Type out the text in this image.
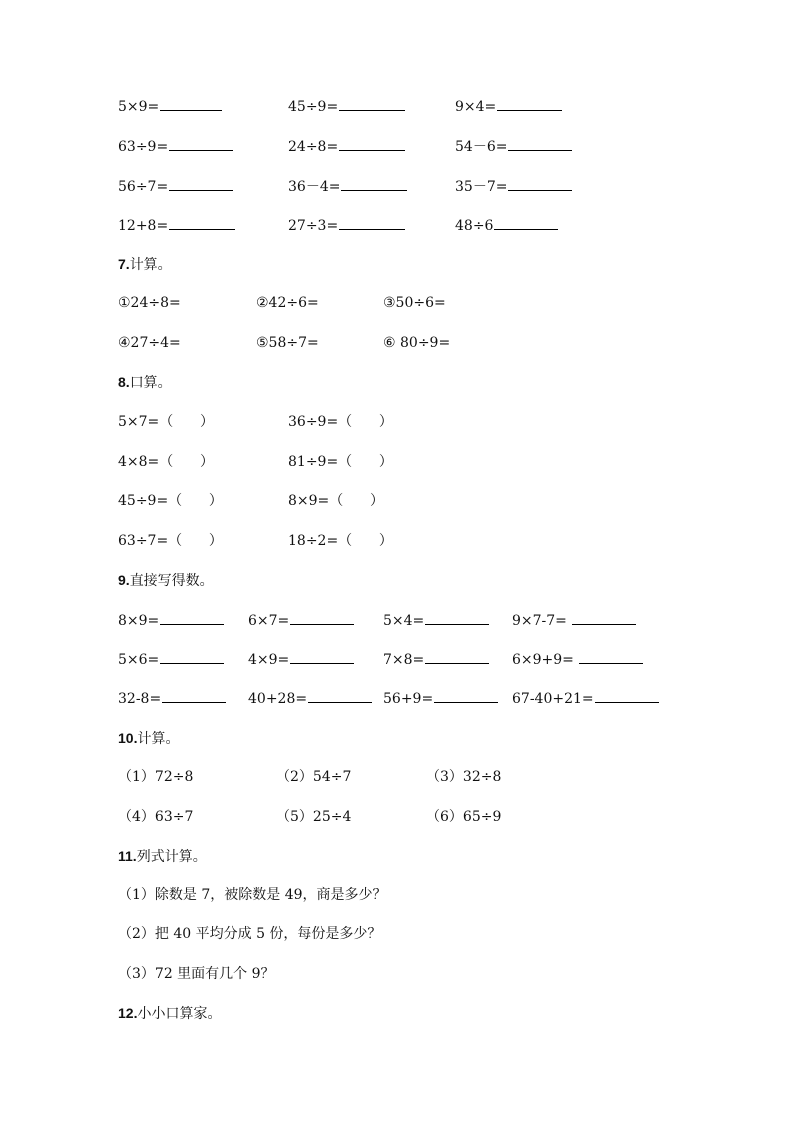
5×9=	45÷9=	9×4=
63÷9=	24÷8=	54－6=
56÷7=	36－4=	35－7=
12+8=	27÷3=	48÷6
7.计算。
①24÷8=	②42÷6=	③50÷6=
④27÷4=	⑤58÷7=	⑥ 80÷9=
8.口算。
5×7=（      ）	36÷9=（      ）
4×8=（      ）	81÷9=（      ）
45÷9=（      ）	8×9=（      ）
63÷7=（      ）	18÷2=（      ）
9.直接写得数。
8×9=	6×7=	5×4=	9×7-7=
5×6=	4×9=	7×8=	6×9+9=
32-8=	40+28=	56+9=	67-40+21=
10.计算。
（1）72÷8	（2）54÷7	（3）32÷8
（4）63÷7	（5）25÷4	（6）65÷9
11.列式计算。
（1）除数是 7，被除数是 49，商是多少？
（2）把 40 平均分成 5 份，每份是多少？
（3）72 里面有几个 9？
12.小小口算家。
